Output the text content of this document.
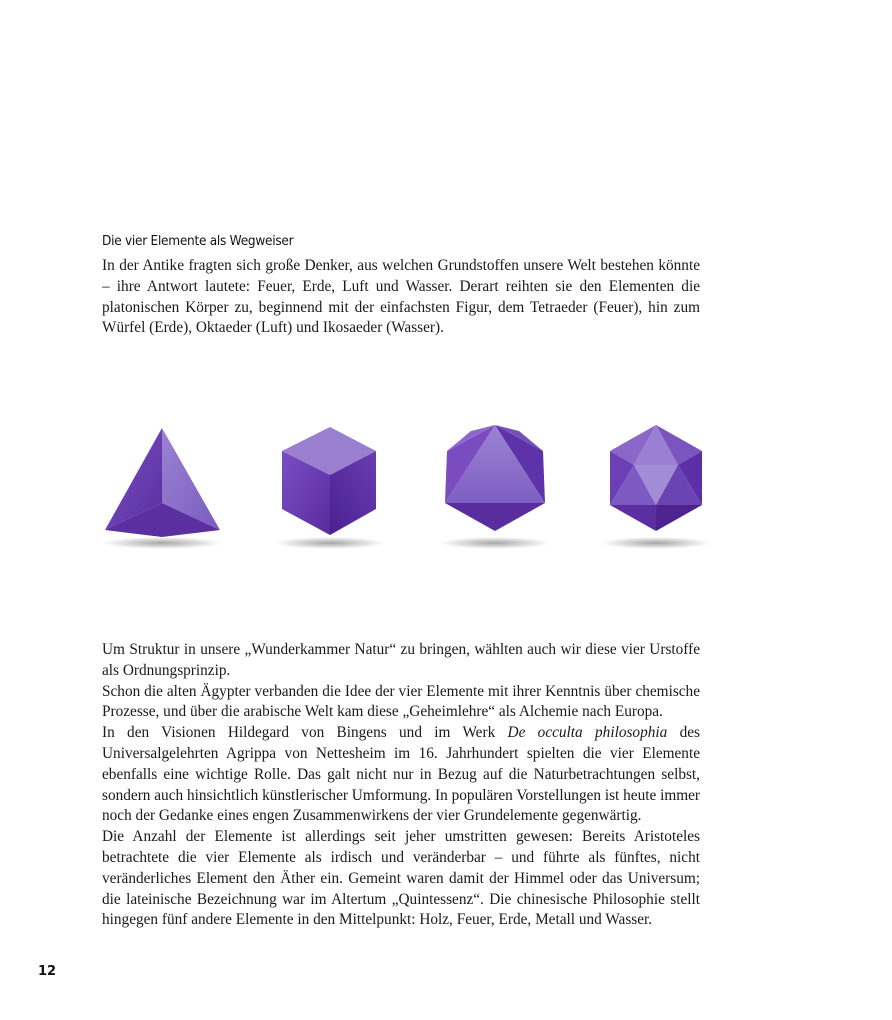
Die vier Elemente als Wegweiser

In der Antike fragten sich große Denker, aus welchen Grundstoffen unsere Welt bestehen könnte – ihre Antwort lautete: Feuer, Erde, Luft und Wasser. Derart reihten sie den Elementen die platonischen Körper zu, beginnend mit der einfachsten Figur, dem Tetraeder (Feuer), hin zum Würfel (Erde), Oktaeder (Luft) und Ikosaeder (Wasser).

Um Struktur in unsere „Wunderkammer Natur“ zu bringen, wählten auch wir diese vier Urstoffe als Ordnungsprinzip.

Schon die alten Ägypter verbanden die Idee der vier Elemente mit ihrer Kenntnis über chemische Prozesse, und über die arabische Welt kam diese „Geheimlehre“ als Alchemie nach Europa.

In den Visionen Hildegard von Bingens und im Werk De occulta philosophia des Universalgelehrten Agrippa von Nettesheim im 16. Jahrhundert spielten die vier Elemente ebenfalls eine wichtige Rolle. Das galt nicht nur in Bezug auf die Naturbetrachtungen selbst, sondern auch hinsichtlich künstlerischer Umformung. In populären Vorstellungen ist heute immer noch der Gedanke eines engen Zusammenwirkens der vier Grundelemente gegenwärtig.

Die Anzahl der Elemente ist allerdings seit jeher umstritten gewesen: Bereits Aristoteles betrachtete die vier Elemente als irdisch und veränderbar – und führte als fünftes, nicht veränderliches Element den Äther ein. Gemeint waren damit der Himmel oder das Universum; die lateinische Bezeichnung war im Altertum „Quintessenz“. Die chinesische Philosophie stellt hingegen fünf andere Elemente in den Mittelpunkt: Holz, Feuer, Erde, Metall und Wasser.

12
